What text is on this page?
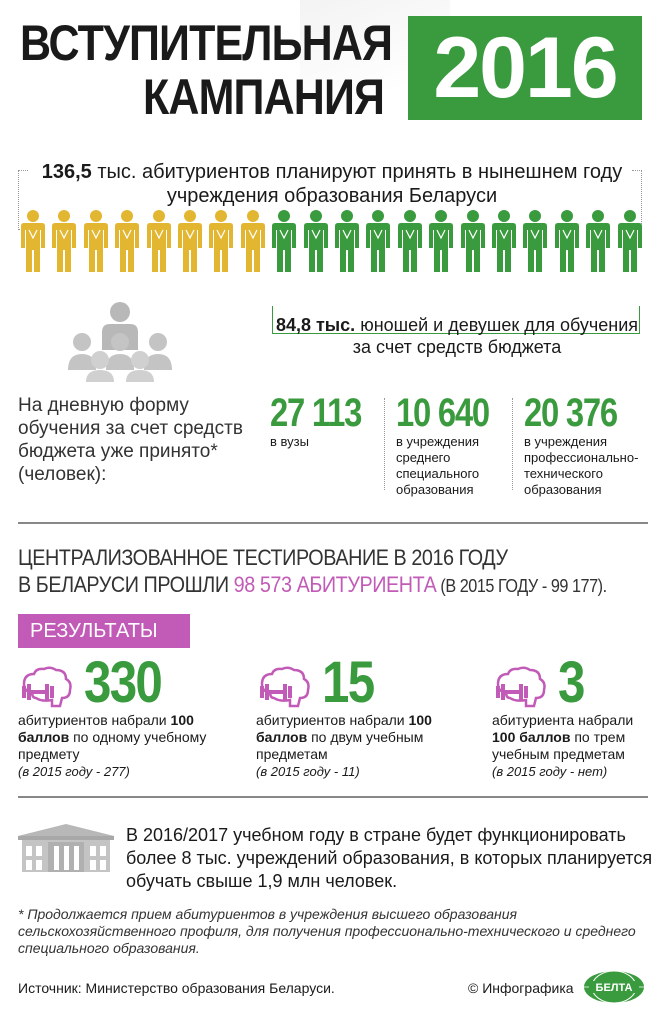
ВСТУПИТЕЛЬНАЯ
КАМПАНИЯ 2016
136,5 тыс. абитуриентов планируют принять в нынешнем году учреждения образования Беларуси
84,8 тыс. юношей и девушек для обучения за счет средств бюджета
На дневную форму обучения за счет средств бюджета уже принято* (человек):
27 113
в вузы
10 640
в учреждения среднего специального образования
20 376
в учреждения профессионально-технического образования
ЦЕНТРАЛИЗОВАННОЕ ТЕСТИРОВАНИЕ В 2016 ГОДУ
В БЕЛАРУСИ ПРОШЛИ 98 573 АБИТУРИЕНТА (В 2015 ГОДУ - 99 177).
РЕЗУЛЬТАТЫ ЦТ: 330
абитуриентов набрали 100 баллов по одному учебному предмету
(в 2015 году - 277)
15
абитуриентов набрали 100 баллов по двум учебным предметам
(в 2015 году - 11)
3
абитуриента набрали 100 баллов по трем учебным предметам
(в 2015 году - нет)
В 2016/2017 учебном году в стране будет функционировать более 8 тыс. учреждений образования, в которых планируется обучать свыше 1,9 млн человек.
* Продолжается прием абитуриентов в учреждения высшего образования сельскохозяйственного профиля, для получения профессионально-технического и среднего специального образования.
Источник: Министерство образования Беларуси.	© Инфографика БЕЛТА
